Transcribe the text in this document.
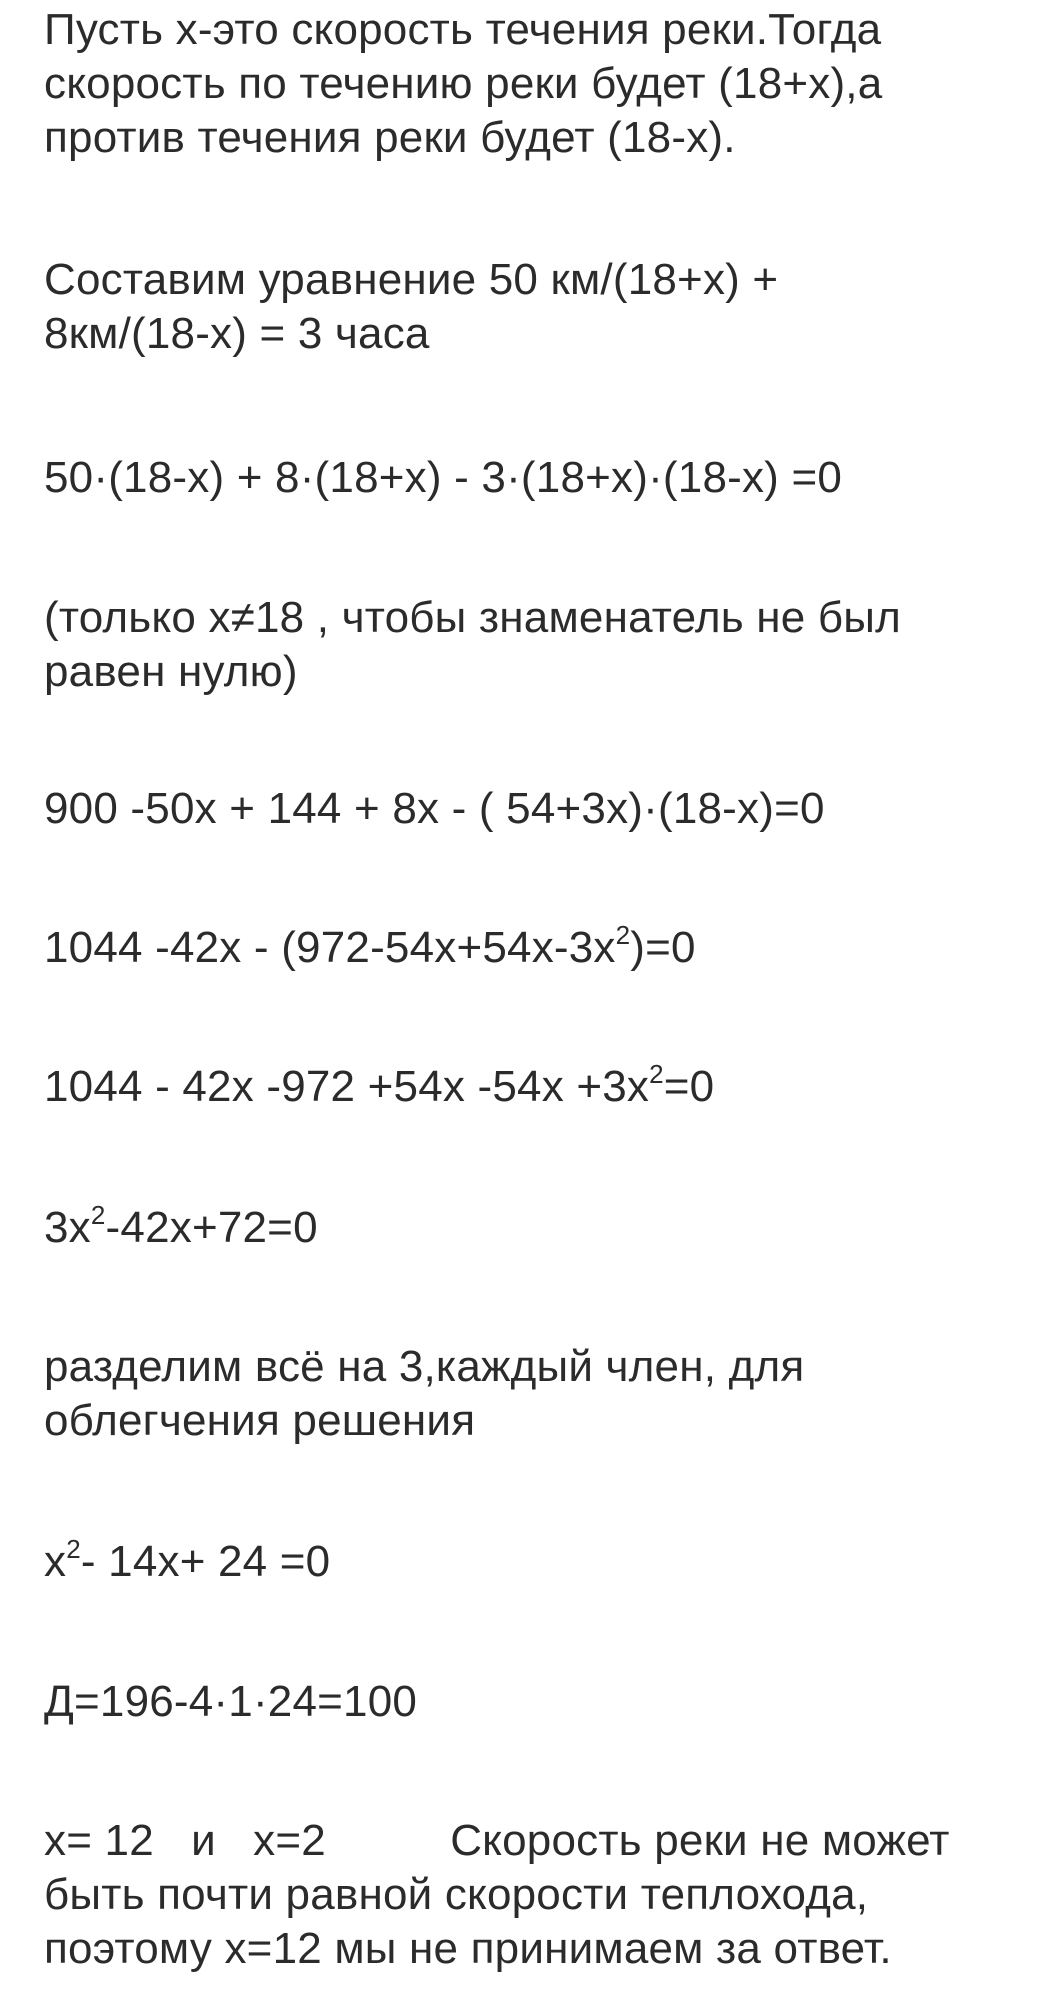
Пусть х-это скорость течения реки.Тогда
скорость по течению реки будет (18+х),а
против течения реки будет (18-х).

Составим уравнение 50 км/(18+х) +
8км/(18-х) = 3 часа

50·(18-х) + 8·(18+х) - 3·(18+х)·(18-х) =0

(только х≠18 , чтобы знаменатель не был
равен нулю)

900 -50х + 144 + 8х - ( 54+3х)·(18-х)=0

1044 $-42х - (972-54х+54х-3х^2)=0$

1044 - 42х -972 +54х $-54х +3х^2=0$

$3х^2-42х+72=0$

разделим всё на 3,каждый член, для
облегчения решения

$х^2-$ 14х+ 24 =0

Д=196-4·1·24=100

х= 12   и   х=2          Скорость реки не может
быть почти равной скорости теплохода,
поэтому х=12 мы не принимаем за ответ.
